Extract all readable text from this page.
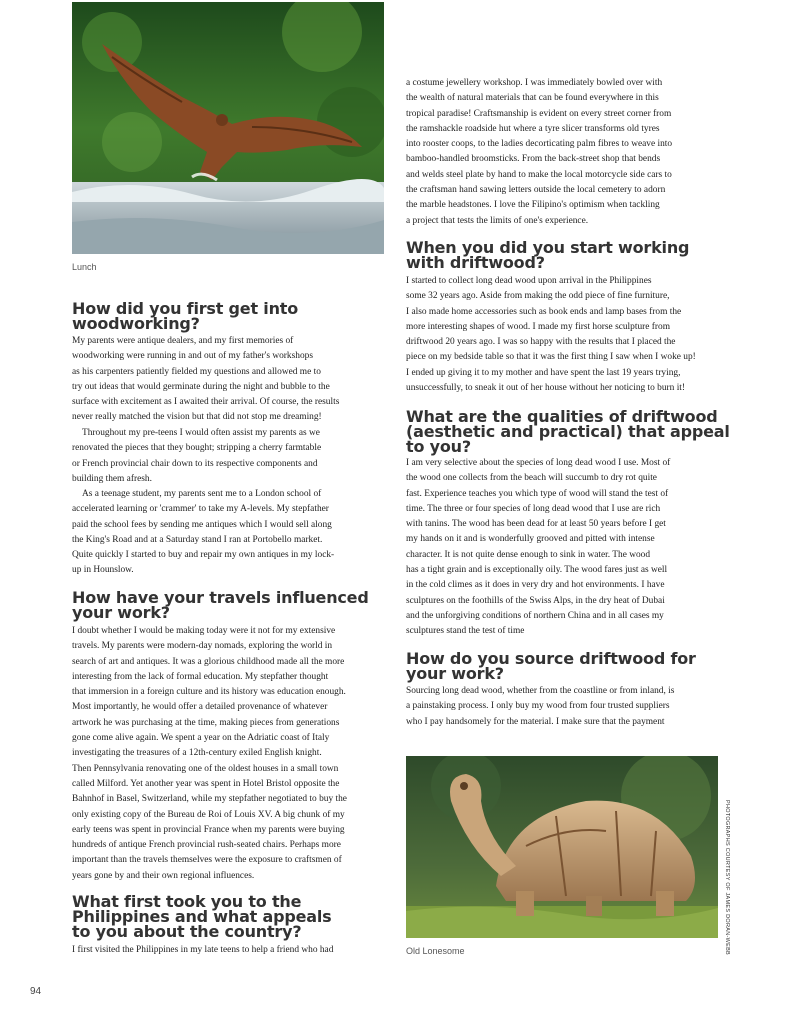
Lunch
How did you first get into
woodworking?
My parents were antique dealers, and my first memories of
woodworking were running in and out of my father's workshops
as his carpenters patiently fielded my questions and allowed me to
try out ideas that would germinate during the night and bubble to the
surface with excitement as I awaited their arrival. Of course, the results
never really matched the vision but that did not stop me dreaming!
Throughout my pre-teens I would often assist my parents as we
renovated the pieces that they bought; stripping a cherry farmtable
or French provincial chair down to its respective components and
building them afresh.
As a teenage student, my parents sent me to a London school of
accelerated learning or 'crammer' to take my A-levels. My stepfather
paid the school fees by sending me antiques which I would sell along
the King's Road and at a Saturday stand I ran at Portobello market.
Quite quickly I started to buy and repair my own antiques in my lock-
up in Hounslow.
How have your travels influenced
your work?
I doubt whether I would be making today were it not for my extensive
travels. My parents were modern-day nomads, exploring the world in
search of art and antiques. It was a glorious childhood made all the more
interesting from the lack of formal education. My stepfather thought
that immersion in a foreign culture and its history was education enough.
Most importantly, he would offer a detailed provenance of whatever
artwork he was purchasing at the time, making pieces from generations
gone come alive again. We spent a year on the Adriatic coast of Italy
investigating the treasures of a 12th-century exiled English knight.
Then Pennsylvania renovating one of the oldest houses in a small town
called Milford. Yet another year was spent in Hotel Bristol opposite the
Bahnhof in Basel, Switzerland, while my stepfather negotiated to buy the
only existing copy of the Bureau de Roi of Louis XV. A big chunk of my
early teens was spent in provincial France when my parents were buying
hundreds of antique French provincial rush-seated chairs. Perhaps more
important than the travels themselves were the exposure to craftsmen of
years gone by and their own regional influences.
What first took you to the
Philippines and what appeals
to you about the country?
I first visited the Philippines in my late teens to help a friend who had
a costume jewellery workshop. I was immediately bowled over with
the wealth of natural materials that can be found everywhere in this
tropical paradise! Craftsmanship is evident on every street corner from
the ramshackle roadside hut where a tyre slicer transforms old tyres
into rooster coops, to the ladies decorticating palm fibres to weave into
bamboo-handled broomsticks. From the back-street shop that bends
and welds steel plate by hand to make the local motorcycle side cars to
the craftsman hand sawing letters outside the local cemetery to adorn
the marble headstones. I love the Filipino's optimism when tackling
a project that tests the limits of one's experience.
When you did you start working
with driftwood?
I started to collect long dead wood upon arrival in the Philippines
some 32 years ago. Aside from making the odd piece of fine furniture,
I also made home accessories such as book ends and lamp bases from the
more interesting shapes of wood. I made my first horse sculpture from
driftwood 20 years ago. I was so happy with the results that I placed the
piece on my bedside table so that it was the first thing I saw when I woke up!
I ended up giving it to my mother and have spent the last 19 years trying,
unsuccessfully, to sneak it out of her house without her noticing to burn it!
What are the qualities of driftwood
(aesthetic and practical) that appeal
to you?
I am very selective about the species of long dead wood I use. Most of
the wood one collects from the beach will succumb to dry rot quite
fast. Experience teaches you which type of wood will stand the test of
time. The three or four species of long dead wood that I use are rich
with tanins. The wood has been dead for at least 50 years before I get
my hands on it and is wonderfully grooved and pitted with intense
character. It is not quite dense enough to sink in water. The wood
has a tight grain and is exceptionally oily. The wood fares just as well
in the cold climes as it does in very dry and hot environments. I have
sculptures on the foothills of the Swiss Alps, in the dry heat of Dubai
and the unforgiving conditions of northern China and in all cases my
sculptures stand the test of time
How do you source driftwood for
your work?
Sourcing long dead wood, whether from the coastline or from inland, is
a painstaking process. I only buy my wood from four trusted suppliers
who I pay handsomely for the material. I make sure that the payment
PHOTOGRAPHS COURTESY OF JAMES DORAN-WEBB
Old Lonesome
94
